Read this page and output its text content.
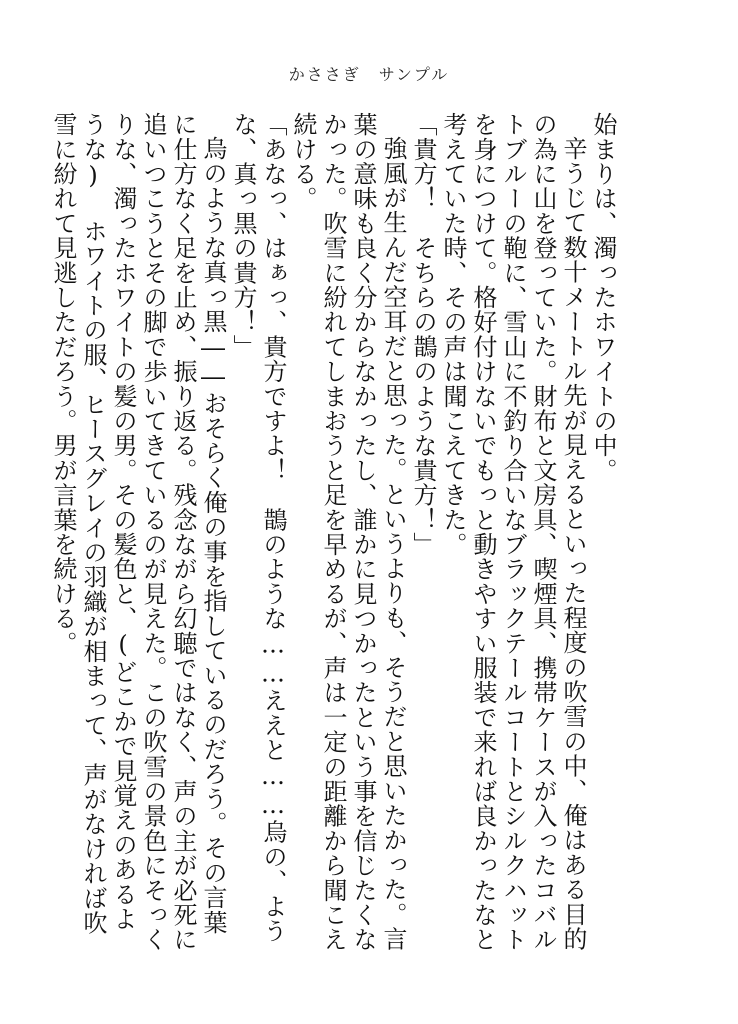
かささぎ　サンプル

始まりは、濁ったホワイトの中。

辛うじて数十メートル先が見えるといった程度の吹雪の中、俺はある目的の為に山を登っていた。財布と文房具、喫煙具、携帯ケースが入ったコバルトブルーの鞄に、雪山に不釣り合いなブラックテールコートとシルクハットを身につけて。格好付けないでもっと動きやすい服装で来れば良かったなと考えていた時、その声は聞こえてきた。

「貴方！　そちらの鵲のような貴方！」

強風が生んだ空耳だと思った。というよりも、そうだと思いたかった。言葉の意味も良く分からなかったし、誰かに見つかったという事を信じたくなかった。吹雪に紛れてしまおうと足を早めるが、声は一定の距離から聞こえ続ける。

「あなっ、はぁっ、貴方ですよ！　鵲のような……ええと……烏の、ような、真っ黒の貴方！」

烏のような真っ黒――おそらく俺の事を指しているのだろう。その言葉に仕方なく足を止め、振り返る。残念ながら幻聴ではなく、声の主が必死に追いつこうとその脚で歩いてきているのが見えた。この吹雪の景色にそっくりな、濁ったホワイトの髪の男。その髪色と、(どこかで見覚えのあるような) ホワイトの服、ヒースグレイの羽織が相まって、声がなければ吹雪に紛れて見逃しただろう。男が言葉を続ける。
